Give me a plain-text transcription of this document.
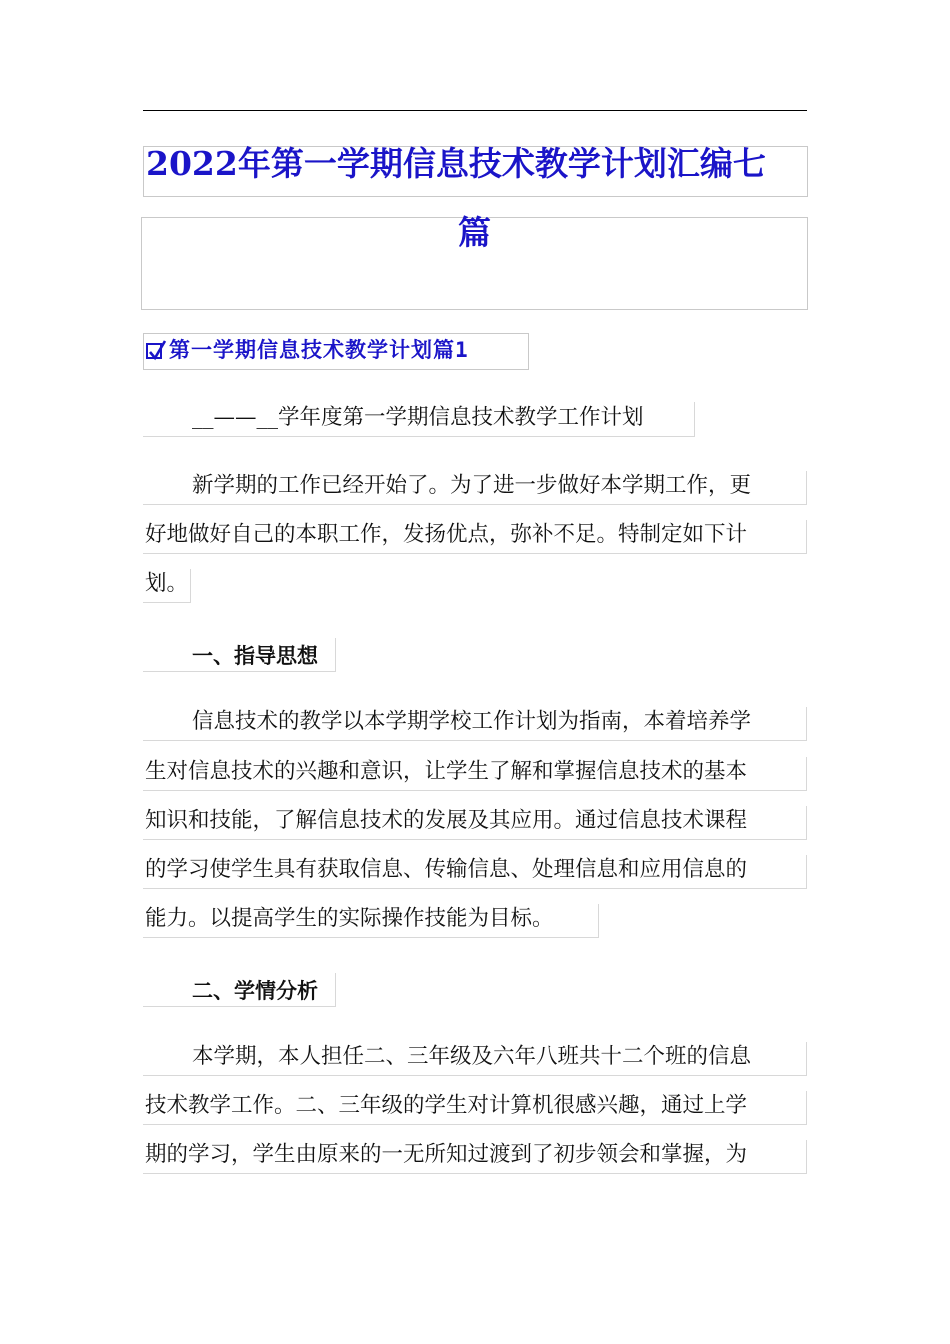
2022年第一学期信息技术教学计划汇编七
篇
第一学期信息技术教学计划篇1
__——__学年度第一学期信息技术教学工作计划
新学期的工作已经开始了。为了进一步做好本学期工作，更
好地做好自己的本职工作，发扬优点，弥补不足。特制定如下计
划。
一、指导思想
信息技术的教学以本学期学校工作计划为指南，本着培养学
生对信息技术的兴趣和意识，让学生了解和掌握信息技术的基本
知识和技能，了解信息技术的发展及其应用。通过信息技术课程
的学习使学生具有获取信息、传输信息、处理信息和应用信息的
能力。以提高学生的实际操作技能为目标。
二、学情分析
本学期，本人担任二、三年级及六年八班共十二个班的信息
技术教学工作。二、三年级的学生对计算机很感兴趣，通过上学
期的学习，学生由原来的一无所知过渡到了初步领会和掌握，为
